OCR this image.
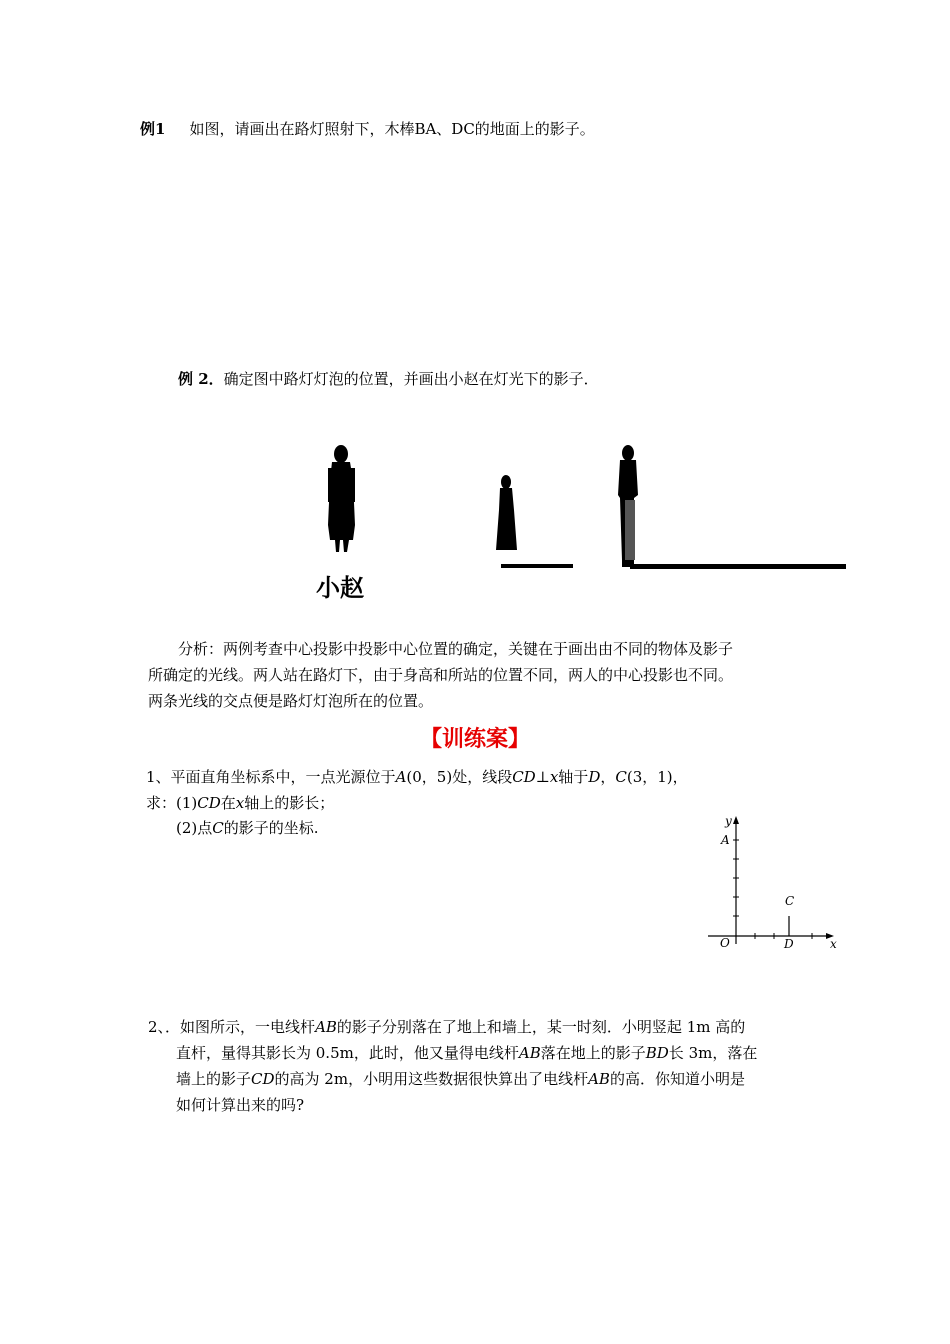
例1 如图，请画出在路灯照射下，木棒BA、DC的地面上的影子。
例 2．确定图中路灯灯泡的位置，并画出小赵在灯光下的影子．
小赵
分析：两例考查中心投影中投影中心位置的确定，关键在于画出由不同的物体及影子
所确定的光线。两人站在路灯下，由于身高和所站的位置不同，两人的中心投影也不同。
两条光线的交点便是路灯灯泡所在的位置。
【训练案】
1、平面直角坐标系中，一点光源位于A(0，5)处，线段CD⊥x轴于D，C(3，1)，
求：(1)CD在x轴上的影长；
(2)点C的影子的坐标.	y
A
C
O	D	x
2、．如图所示，一电线杆AB的影子分别落在了地上和墙上，某一时刻．小明竖起 1m 高的
直杆，量得其影长为 0.5m，此时，他又量得电线杆AB落在地上的影子BD长 3m，落在
墙上的影子CD的高为 2m，小明用这些数据很快算出了电线杆AB的高．你知道小明是
如何计算出来的吗?
